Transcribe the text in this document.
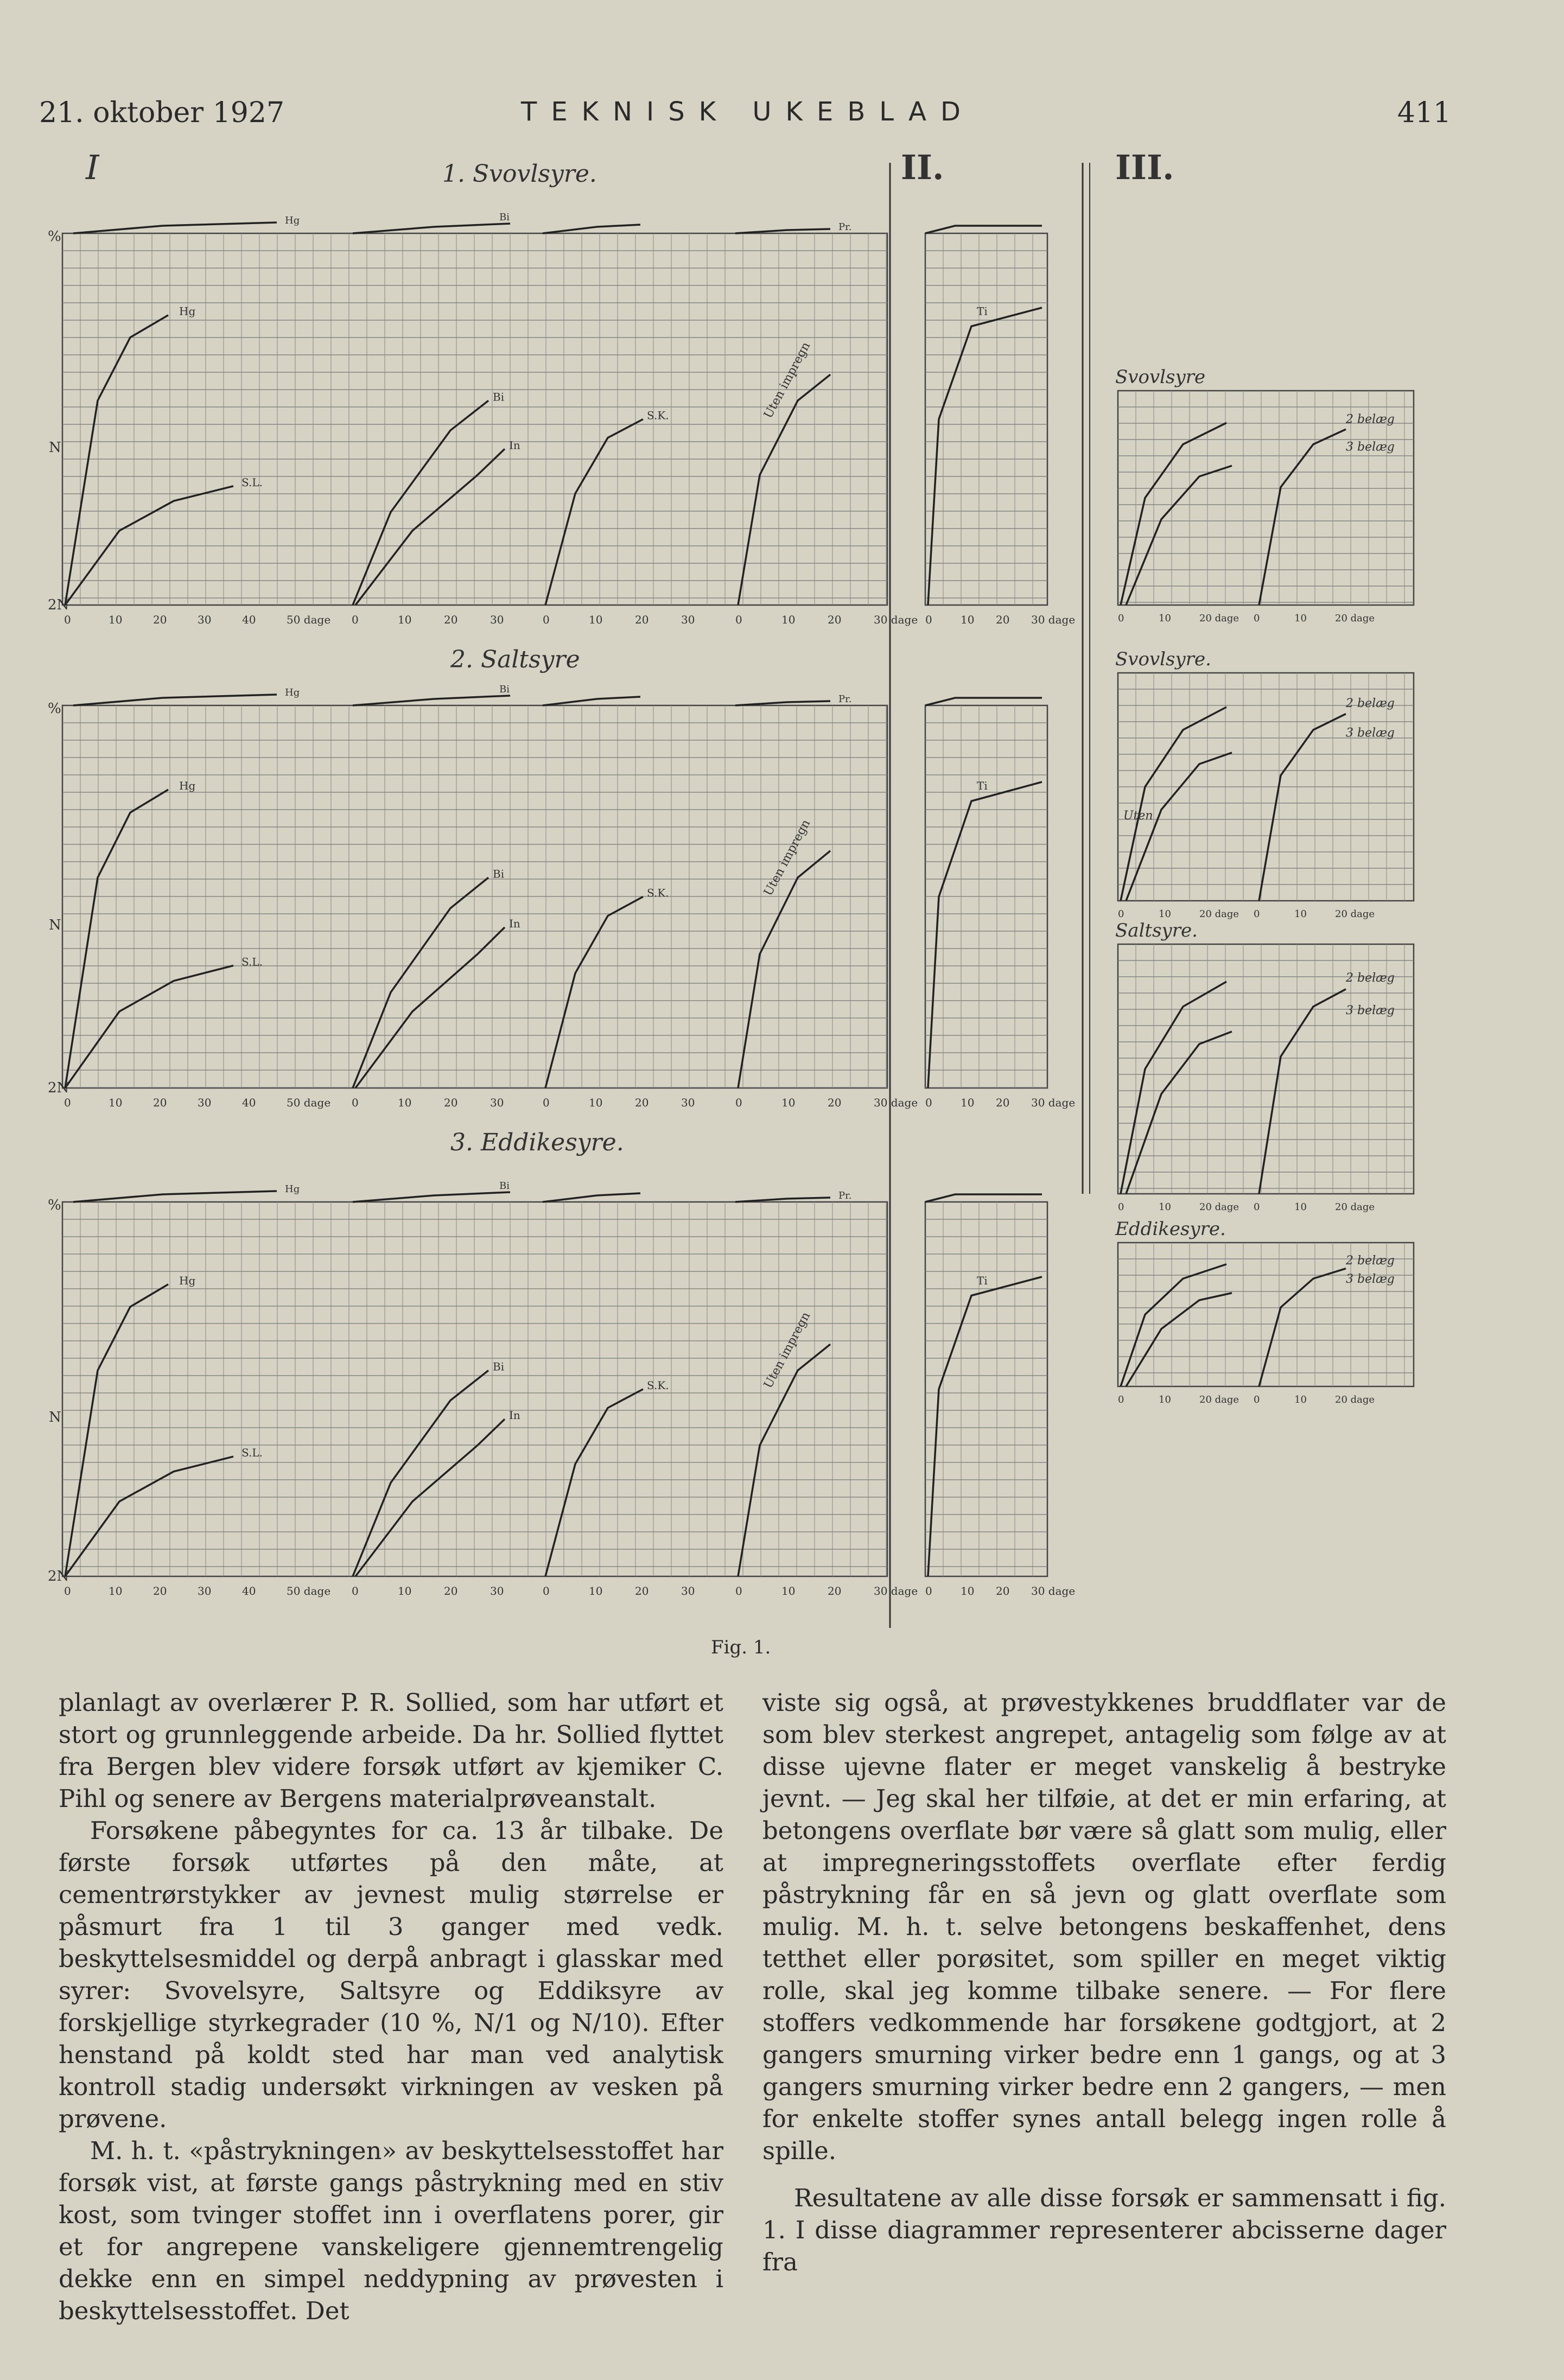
21. oktober 1927	TEKNISK UKEBLAD	411
I	II.	III.
1. Svovlsyre.
%
N
2N
0	10	20	30	40	50 dage 0	10	20	30	0	10	20	30	0	10	20	30 dage 0	10 20 30 dage
Hg	Bi
Pr.
Hg
S.L.
Bi
In
S.K.	Uten impregn
Ti
2. Saltsyre
%
N
2N
0	10	20	30	40	50 dage 0	10	20	30	0	10	20	30	0	10	20	30 dage 0	10 20 30 dage
Hg	Bi
Pr.
Hg
S.L.
Bi
In
S.K.	Uten impregn
Ti
3. Eddikesyre.
%
N
2N
0	10	20	30	40	50 dage 0	10	20	30	0	10	20	30	0	10	20	30 dage 0	10 20 30 dage
Hg	Bi
Pr.
Hg
S.L.
Bi
In
S.K.	Uten impregn
Ti
Svovlsyre
0	10	20 dage 0	10	20 dage
2 belæg
3 belæg
Svovlsyre.
0	10	20 dage 0	10	20 dage
2 belæg
3 belæg
Saltsyre.
0	10	20 dage 0	10	20 dage
2 belæg
3 belæg
Eddikesyre.
0	10	20 dage 0	10	20 dage
2 belæg
3 belæg
Uten
Fig. 1.

planlagt av overlærer P. R. Sollied, som har utført et stort og grunnleggende arbeide. Da hr. Sollied flyttet fra Bergen blev videre forsøk utført av kjemiker C. Pihl og senere av Bergens materialprøveanstalt.

Forsøkene påbegyntes for ca. 13 år tilbake. De første forsøk utførtes på den måte, at cementrørstykker av jevnest mulig størrelse er påsmurt fra 1 til 3 ganger med vedk. beskyttelsesmiddel og derpå anbragt i glasskar med syrer: Svovelsyre, Saltsyre og Eddiksyre av forskjellige styrkegrader (10 %, N/1 og N/10). Efter henstand på koldt sted har man ved analytisk kontroll stadig undersøkt virkningen av vesken på prøvene.

M. h. t. «påstrykningen» av beskyttelsesstoffet har forsøk vist, at første gangs påstrykning med en stiv kost, som tvinger stoffet inn i overflatens porer, gir et for angrepene vanskeligere gjennemtrengelig dekke enn en simpel neddypning av prøvesten i beskyttelsesstoffet. Det

viste sig også, at prøvestykkenes bruddflater var de som blev sterkest angrepet, antagelig som følge av at disse ujevne flater er meget vanskelig å bestryke jevnt. — Jeg skal her tilføie, at det er min erfaring, at betongens overflate bør være så glatt som mulig, eller at impregneringsstoffets overflate efter ferdig påstrykning får en så jevn og glatt overflate som mulig. M. h. t. selve betongens beskaffenhet, dens tetthet eller porøsitet, som spiller en meget viktig rolle, skal jeg komme tilbake senere. — For flere stoffers vedkommende har forsøkene godtgjort, at 2 gangers smurning virker bedre enn 1 gangs, og at 3 gangers smurning virker bedre enn 2 gangers, — men for enkelte stoffer synes antall belegg ingen rolle å spille.

Resultatene av alle disse forsøk er sammensatt i fig. 1. I disse diagrammer representerer abcisserne dager fra
